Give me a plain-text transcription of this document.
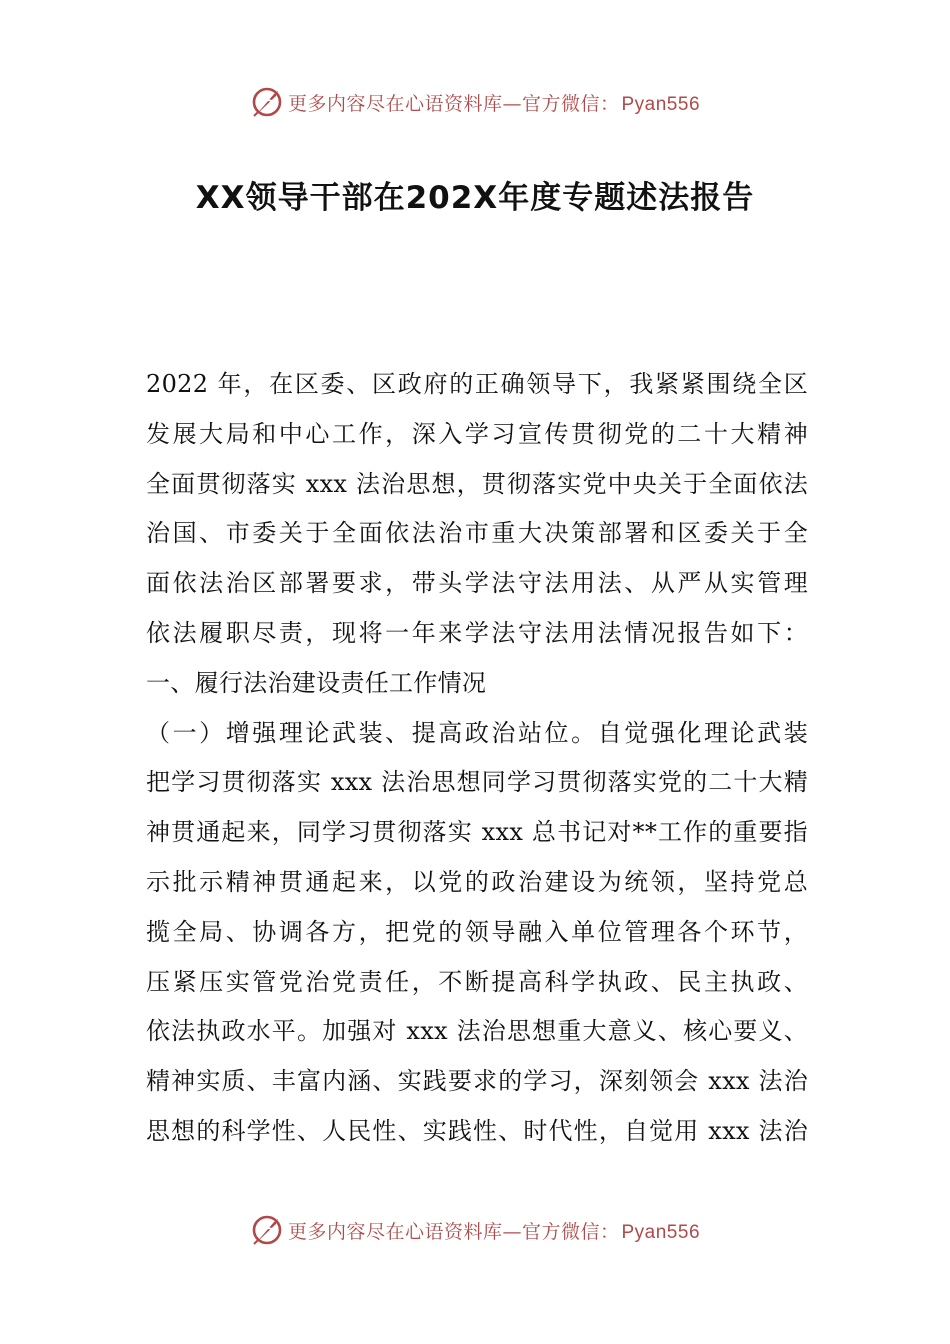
更多内容尽在心语资料库—官方微信： Pyan556
XX领导干部在202X年度专题述法报告
2022 年，在区委、区政府的正确领导下，我紧紧围绕全区
发展大局和中心工作，深入学习宣传贯彻党的二十大精神
全面贯彻落实 xxx 法治思想，贯彻落实党中央关于全面依法
治国、市委关于全面依法治市重大决策部署和区委关于全
面依法治区部署要求，带头学法守法用法、从严从实管理
依法履职尽责，现将一年来学法守法用法情况报告如下：
一、履行法治建设责任工作情况
（一）增强理论武装、提高政治站位。自觉强化理论武装
把学习贯彻落实 xxx 法治思想同学习贯彻落实党的二十大精
神贯通起来，同学习贯彻落实 xxx 总书记对**工作的重要指
示批示精神贯通起来，以党的政治建设为统领，坚持党总
揽全局、协调各方，把党的领导融入单位管理各个环节，
压紧压实管党治党责任，不断提高科学执政、民主执政、
依法执政水平。加强对 xxx 法治思想重大意义、核心要义、
精神实质、丰富内涵、实践要求的学习，深刻领会 xxx 法治
思想的科学性、人民性、实践性、时代性，自觉用 xxx 法治
更多内容尽在心语资料库—官方微信： Pyan556
